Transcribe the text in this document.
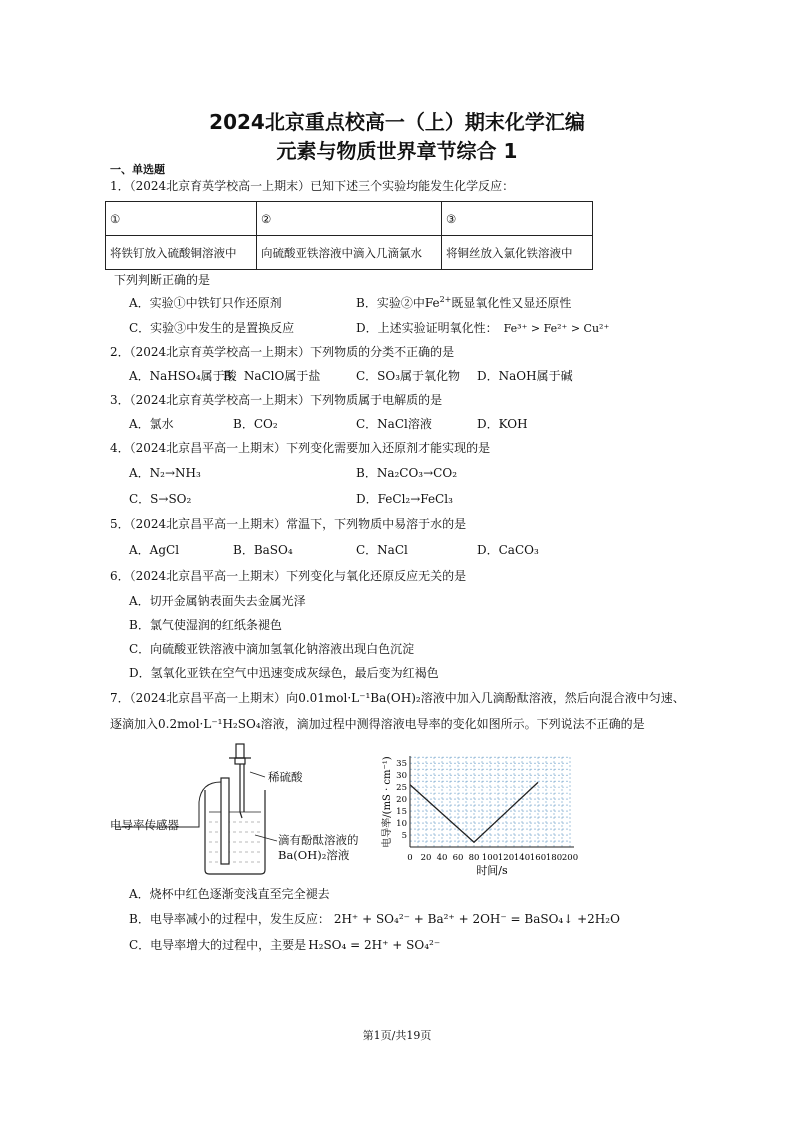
2024北京重点校高一（上）期末化学汇编
元素与物质世界章节综合 1
一、单选题
1．（2024北京育英学校高一上期末）已知下述三个实验均能发生化学反应：
①	②	③
将铁钉放入硫酸铜溶液中	向硫酸亚铁溶液中滴入几滴氯水	将铜丝放入氯化铁溶液中
下列判断正确的是
A．实验①中铁钉只作还原剂	B．实验②中$Fe^{2+}$既显氧化性又显还原性
C．实验③中发生的是置换反应	D．上述实验证明氧化性： Fe³⁺ > Fe²⁺ > Cu²⁺
2．（2024北京育英学校高一上期末）下列物质的分类不正确的是
A．NaHSO₄属于酸
B．NaClO属于盐	C．SO₃属于氧化物 D．NaOH属于碱
3．（2024北京育英学校高一上期末）下列物质属于电解质的是
A．氯水	B．CO₂	C．NaCl溶液	D．KOH
4．（2024北京昌平高一上期末）下列变化需要加入还原剂才能实现的是
A．N₂→NH₃	B．Na₂CO₃→CO₂
C．S→SO₂	D．FeCl₂→FeCl₃
5．（2024北京昌平高一上期末）常温下，下列物质中易溶于水的是
A．AgCl	B．BaSO₄	C．NaCl	D．CaCO₃
6．（2024北京昌平高一上期末）下列变化与氧化还原反应无关的是
A．切开金属钠表面失去金属光泽
B．氯气使湿润的红纸条褪色
C．向硫酸亚铁溶液中滴加氢氧化钠溶液出现白色沉淀
D．氢氧化亚铁在空气中迅速变成灰绿色，最后变为红褐色
7．（2024北京昌平高一上期末）向0.01mol·L⁻¹Ba(OH)₂溶液中加入几滴酚酞溶液，然后向混合液中匀速、
逐滴加入0.2mol·L⁻¹H₂SO₄溶液，滴加过程中测得溶液电导率的变化如图所示。下列说法不正确的是
稀硫酸
电导率传感器
滴有酚酞溶液的
Ba(OH)₂溶液	0 20 40 60 80 100 120 140 160 180 200
5
10
15
20
25
30
35
时间/s
电导率/(mS · cm⁻¹)
A．烧杯中红色逐渐变浅直至完全褪去
B．电导率减小的过程中，发生反应： 2H⁺ + SO₄²⁻ + Ba²⁺ + 2OH⁻ = BaSO₄↓ +2H₂O
C．电导率增大的过程中，主要是 H₂SO₄ = 2H⁺ + SO₄²⁻
第1页/共19页
